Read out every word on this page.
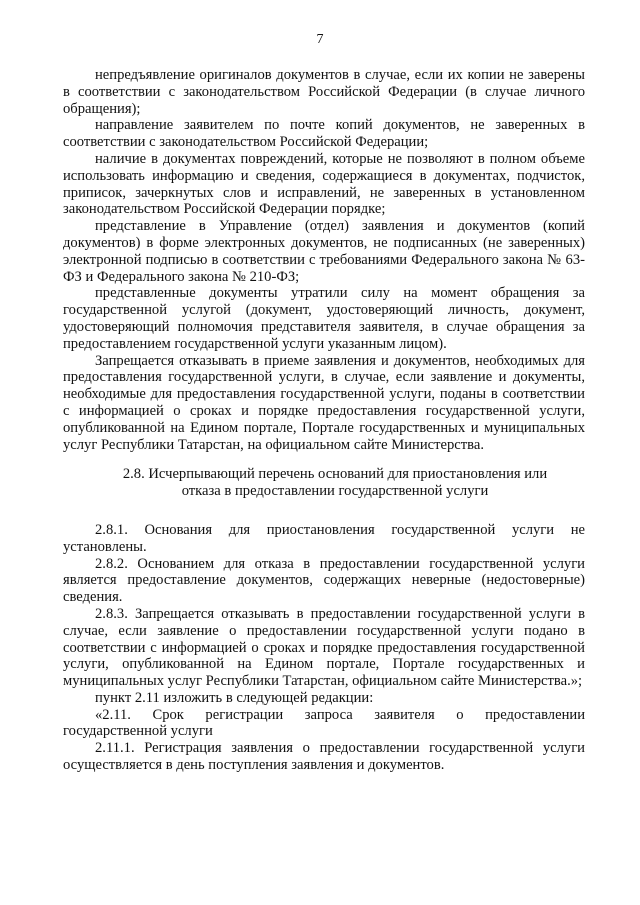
7

непредъявление оригиналов документов в случае, если их копии не заверены в соответствии с законодательством Российской Федерации (в случае личного обращения);

направление заявителем по почте копий документов, не заверенных в соответствии с законодательством Российской Федерации;

наличие в документах повреждений, которые не позволяют в полном объеме использовать информацию и сведения, содержащиеся в документах, подчисток, приписок, зачеркнутых слов и исправлений, не заверенных в установленном законодательством Российской Федерации порядке;

представление в Управление (отдел) заявления и документов (копий документов) в форме электронных документов, не подписанных (не заверенных) электронной подписью в соответствии с требованиями Федерального закона № 63-ФЗ и Федерального закона № 210-ФЗ;

представленные документы утратили силу на момент обращения за государственной услугой (документ, удостоверяющий личность, документ, удостоверяющий полномочия представителя заявителя, в случае обращения за предоставлением государственной услуги указанным лицом).

Запрещается отказывать в приеме заявления и документов, необходимых для предоставления государственной услуги, в случае, если заявление и документы, необходимые для предоставления государственной услуги, поданы в соответствии с информацией о сроках и порядке предоставления государственной услуги, опубликованной на Едином портале, Портале государственных и муниципальных услуг Республики Татарстан, на официальном сайте Министерства.

2.8. Исчерпывающий перечень оснований для приостановления или
отказа в предоставлении государственной услуги

2.8.1. Основания для приостановления государственной услуги не установлены.

2.8.2. Основанием для отказа в предоставлении государственной услуги является предоставление документов, содержащих неверные (недостоверные) сведения.

2.8.3. Запрещается отказывать в предоставлении государственной услуги в случае, если заявление о предоставлении государственной услуги подано в соответствии с информацией о сроках и порядке предоставления государственной услуги, опубликованной на Едином портале, Портале государственных и муниципальных услуг Республики Татарстан, официальном сайте Министерства.»;

пункт 2.11 изложить в следующей редакции:

«2.11. Срок регистрации запроса заявителя о предоставлении государственной услуги

2.11.1. Регистрация заявления о предоставлении государственной услуги осуществляется в день поступления заявления и документов.
